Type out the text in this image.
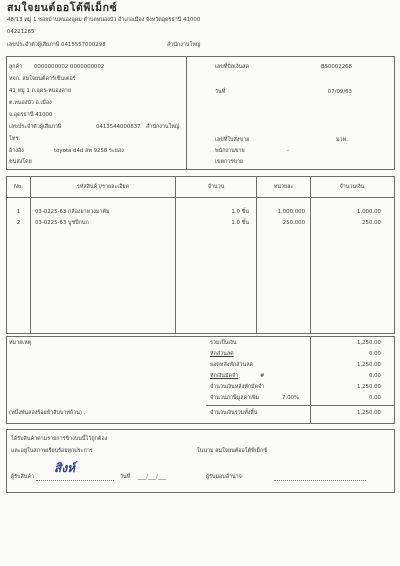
สมใจยนต์ออโต้พีเม็กซ์
48/13 หมู่ 1 ซอยบ้านหนองอุดม ตำบลหนองบัว อำเภอเมือง จังหวัดอุดรธานี 41000
04221265
เลขประจำตัวผู้เสียภาษี 0415557000298	สำนักงานใหญ่
ลูกค้า 0000000002 0000000002
หจก. สมใจยนต์คาร์เซ็นเตอร์
41 หมู่ 1 ถ.อุดร-หนองคาย
ต.หนองบัว อ.เมือง
จ.อุดรธานี 41000
เลขประจำตัวผู้เสียภาษี	0413544000837 สำนักงานใหญ่
โทร.
อ้างอิง	toyota d4d ลพ 9258 ระยอง
ชนส่งโดย
เลขที่บิลเงินสด	BS0002268
วันที่	07/09/63
เลขที่ใบสั่งขาย	มวท.
พนักงานขาย	-
เขตการขาย
No.	รหัสสินค้า/รายละเอียด	จำนวน	หน่วยละ	จำนวนเงิน
1	03-0225-63 กล้องยาหวงมาตัม	1.0 ชิ้น	1,000.000	1,000.00
2	03-0225-63 บูชปีกนก	1.0 ชิ้น	250.000	250.00
หมายเหตุ
(หนึ่งพันสองร้อยห้าสิบบาทถ้วน) .
รวมเป็นเงิน	1,250.00
หักส่วนลด	0.00
ยอดหลังหักส่วนลด	1,250.00
หักเงินมัดจำ	#	0.00
จำนวนเงินหลังหักมัดจำ	1,250.00
จำนวนภาษีมูลค่าเพิ่ม	7.00%	0.00
จำนวนเงินรวมทั้งสิ้น	1,250.00
ได้รับสินค้าตามรายการข้างบนนี้ไว้ถูกต้อง
และอยู่ในสภาพเรียบร้อยทุกประการ	ในนาม สมใจยนต์ออโต้พีเม็กซ์
ผู้รับสินค้า
สิงห์
วันที่ ___/___/___	ผู้รับมอบอำนาจ
